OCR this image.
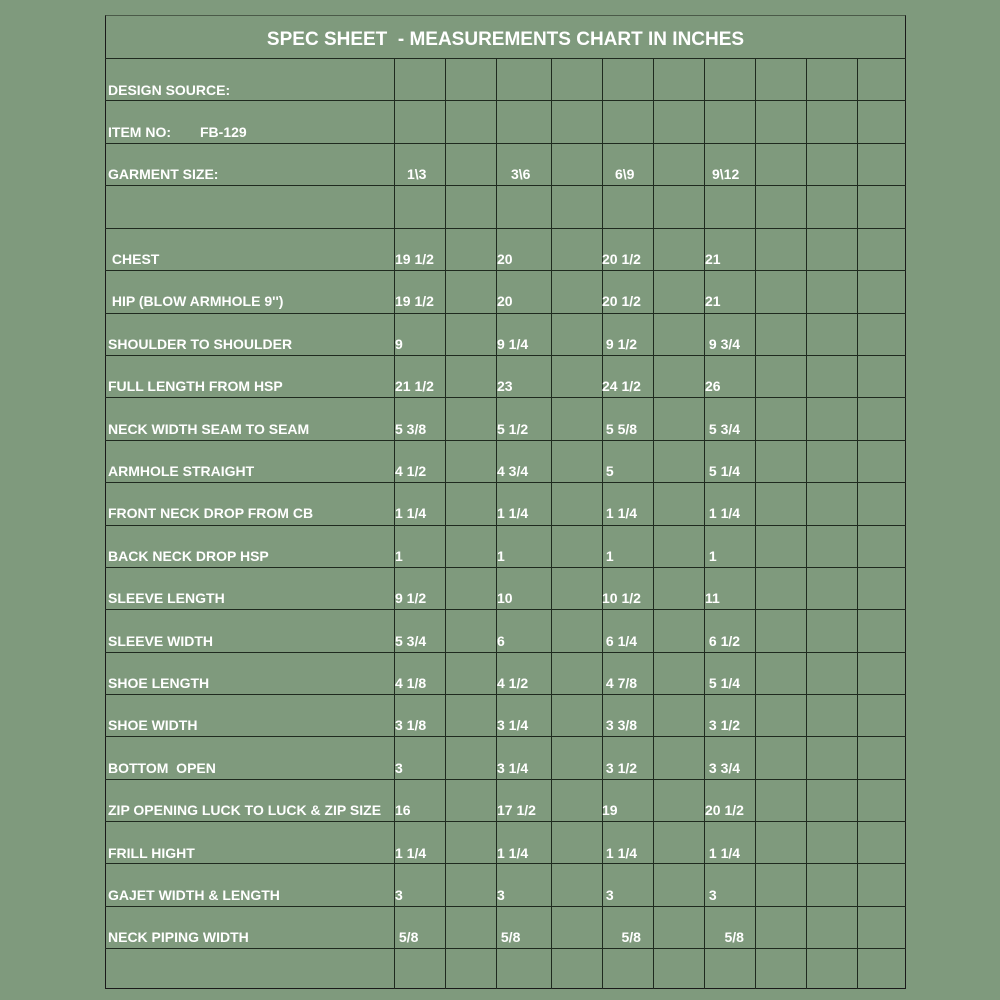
SPEC SHEET  - MEASUREMENTS CHART IN INCHES
DESIGN SOURCE:
ITEM NO: FB-129
GARMENT SIZE:	1\3	3\6	6\9	9\12
CHEST	19 1/2	20	20 1/2	21
HIP (BLOW ARMHOLE 9'')	19 1/2	20	20 1/2	21
SHOULDER TO SHOULDER	9	9 1/4	9 1/2	9 3/4
FULL LENGTH FROM HSP	21 1/2	23	24 1/2	26
NECK WIDTH SEAM TO SEAM	5 3/8	5 1/2	5 5/8	5 3/4
ARMHOLE STRAIGHT	4 1/2	4 3/4	5	5 1/4
FRONT NECK DROP FROM CB	1 1/4	1 1/4	1 1/4	1 1/4
BACK NECK DROP HSP	1	1	1	1
SLEEVE LENGTH	9 1/2	10	10 1/2	11
SLEEVE WIDTH	5 3/4	6	6 1/4	6 1/2
SHOE LENGTH	4 1/8	4 1/2	4 7/8	5 1/4
SHOE WIDTH	3 1/8	3 1/4	3 3/8	3 1/2
BOTTOM  OPEN	3	3 1/4	3 1/2	3 3/4
ZIP OPENING LUCK TO LUCK & ZIP SIZE 16	17 1/2	19	20 1/2
FRILL HIGHT	1 1/4	1 1/4	1 1/4	1 1/4
GAJET WIDTH & LENGTH	3	3	3	3
NECK PIPING WIDTH	5/8	5/8	5/8	5/8
